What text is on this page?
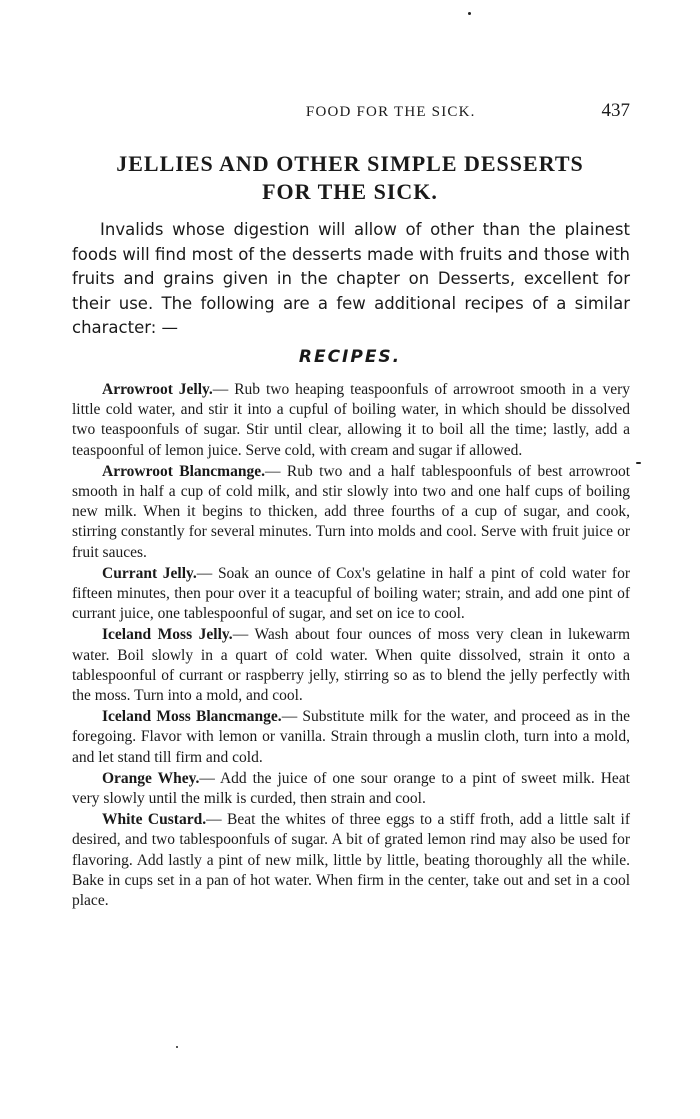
FOOD FOR THE SICK.	437
JELLIES AND OTHER SIMPLE DESSERTS
FOR THE SICK.

Invalids whose digestion will allow of other than the plainest foods will find most of the desserts made with fruits and those with fruits and grains given in the chapter on Desserts, excellent for their use. The following are a few additional recipes of a similar character: —

RECIPES.

Arrowroot Jelly.— Rub two heaping teaspoonfuls of arrowroot smooth in a very little cold water, and stir it into a cupful of boiling water, in which should be dissolved two teaspoonfuls of sugar. Stir until clear, allowing it to boil all the time; lastly, add a teaspoonful of lemon juice. Serve cold, with cream and sugar if allowed.

Arrowroot Blancmange.— Rub two and a half tablespoonfuls of best arrowroot smooth in half a cup of cold milk, and stir slowly into two and one half cups of boiling new milk. When it begins to thicken, add three fourths of a cup of sugar, and cook, stirring constantly for several minutes. Turn into molds and cool. Serve with fruit juice or fruit sauces.

Currant Jelly.— Soak an ounce of Cox's gelatine in half a pint of cold water for fifteen minutes, then pour over it a teacupful of boiling water; strain, and add one pint of currant juice, one tablespoonful of sugar, and set on ice to cool.

Iceland Moss Jelly.— Wash about four ounces of moss very clean in lukewarm water. Boil slowly in a quart of cold water. When quite dissolved, strain it onto a tablespoonful of currant or raspberry jelly, stirring so as to blend the jelly perfectly with the moss. Turn into a mold, and cool.

Iceland Moss Blancmange.— Substitute milk for the water, and proceed as in the foregoing. Flavor with lemon or vanilla. Strain through a muslin cloth, turn into a mold, and let stand till firm and cold.

Orange Whey.— Add the juice of one sour orange to a pint of sweet milk. Heat very slowly until the milk is curded, then strain and cool.

White Custard.— Beat the whites of three eggs to a stiff froth, add a little salt if desired, and two tablespoonfuls of sugar. A bit of grated lemon rind may also be used for flavoring. Add lastly a pint of new milk, little by little, beating thoroughly all the while. Bake in cups set in a pan of hot water. When firm in the center, take out and set in a cool place.
